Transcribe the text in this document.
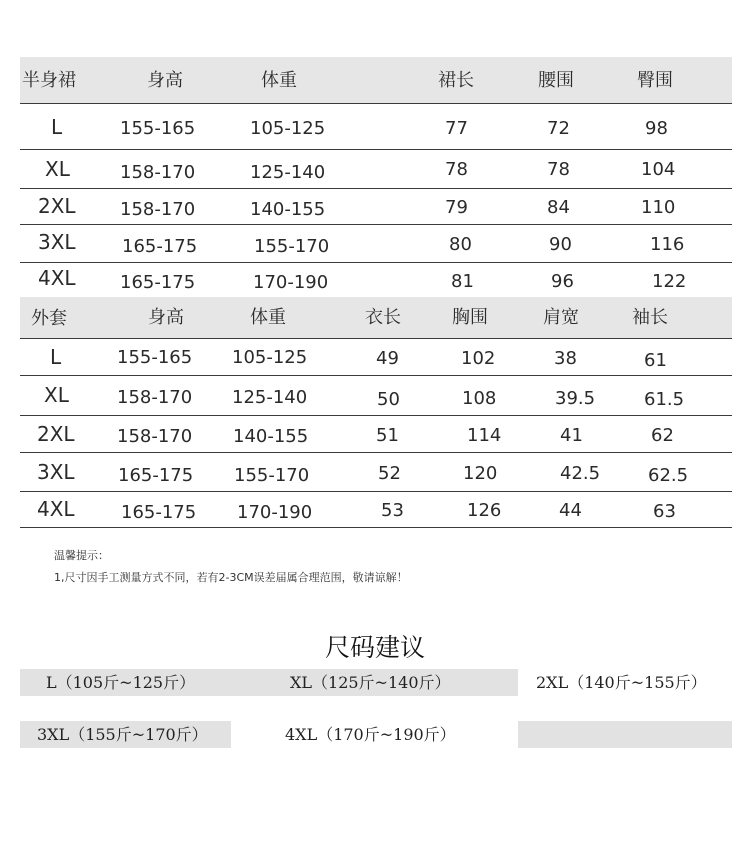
半身裙	身高	体重	裙长	腰围	臀围
L	155-165	105-125	77	72	98
XL	158-170	125-140	78	78	104
2XL 158-170	140-155	79	84	110
3XL	165-175	155-170	80	90	116
4XL 165-175	170-190	81	96	122
外套	身高	体重	衣长	胸围	肩宽	袖长
L	155-165 105-125	49	102	38	61
XL	158-170 125-140	50	108	39.5	61.5
2XL 158-170 140-155	51	114	41	62
3XL 165-175 155-170	52	120	42.5	62.5
4XL	165-175 170-190	53	126	44	63
温馨提示：
1,尺寸因手工测量方式不同，若有2-3CM误差届属合理范围，敬请谅解！
尺码建议
L（105斤~125斤）	XL（125斤~140斤）	2XL（140斤~155斤）
3XL（155斤~170斤）	4XL（170斤~190斤）
